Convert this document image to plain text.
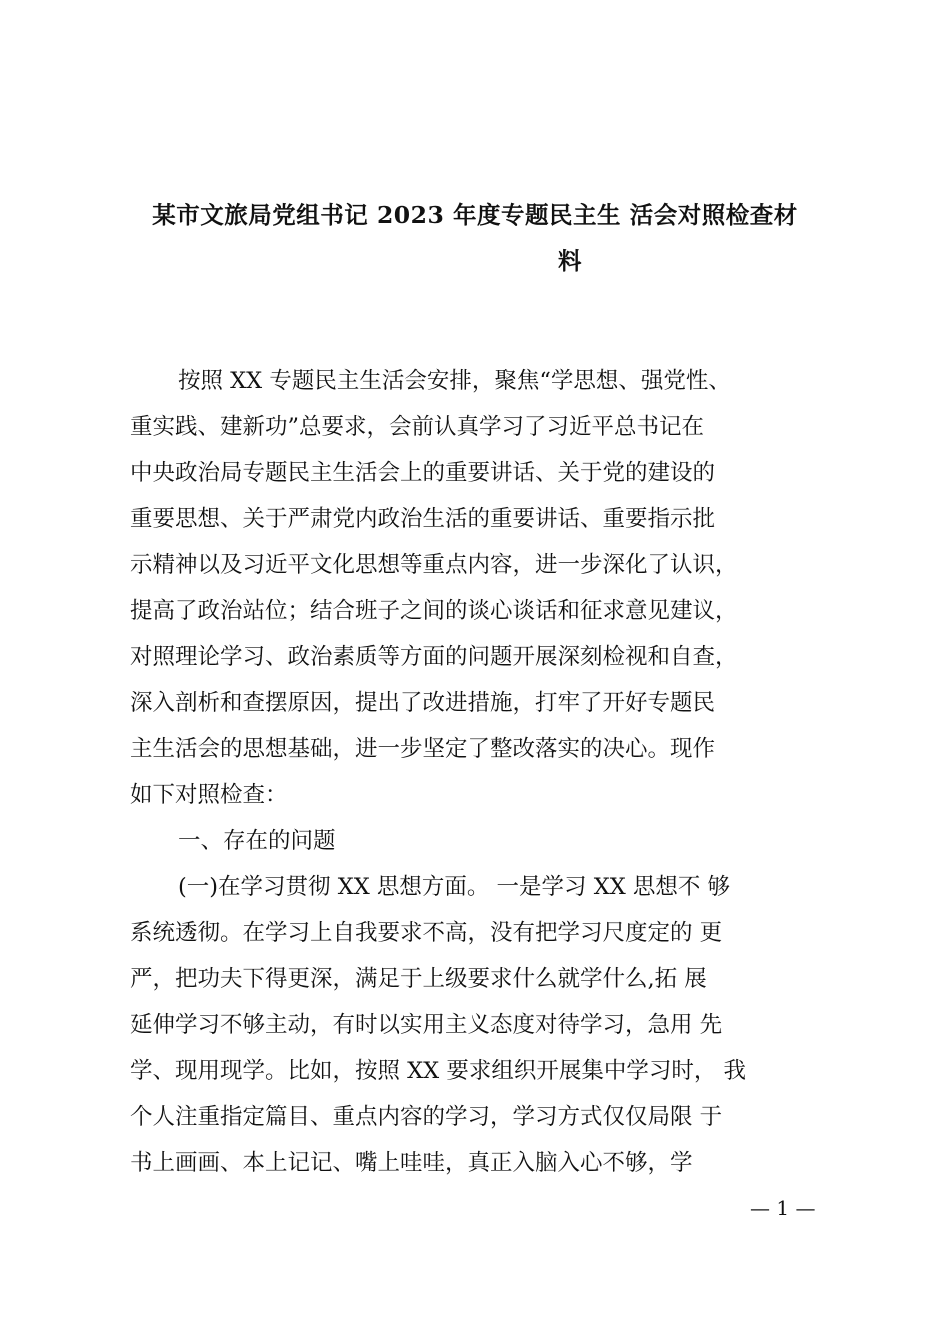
某市文旅局党组书记 2023 年度专题民主生 活会对照检查材
料

按照 XX 专题民主生活会安排，聚焦“学思想、强党性、

重实践、建新功”总要求，会前认真学习了习近平总书记在

中央政治局专题民主生活会上的重要讲话、关于党的建设的

重要思想、关于严肃党内政治生活的重要讲话、重要指示批

示精神以及习近平文化思想等重点内容，进一步深化了认识，

提高了政治站位；结合班子之间的谈心谈话和征求意见建议，

对照理论学习、政治素质等方面的问题开展深刻检视和自查，

深入剖析和查摆原因，提出了改进措施，打牢了开好专题民

主生活会的思想基础，进一步坚定了整改落实的决心。现作

如下对照检查：

一、存在的问题

(一)在学习贯彻 XX 思想方面。 一是学习 XX 思想不 够

系统透彻。在学习上自我要求不高，没有把学习尺度定的 更

严，把功夫下得更深，满足于上级要求什么就学什么,拓 展

延伸学习不够主动，有时以实用主义态度对待学习，急用 先

学、现用现学。比如，按照 XX 要求组织开展集中学习时， 我

个人注重指定篇目、重点内容的学习，学习方式仅仅局限 于

书上画画、本上记记、嘴上哇哇，真正入脑入心不够，学

— 1 —
